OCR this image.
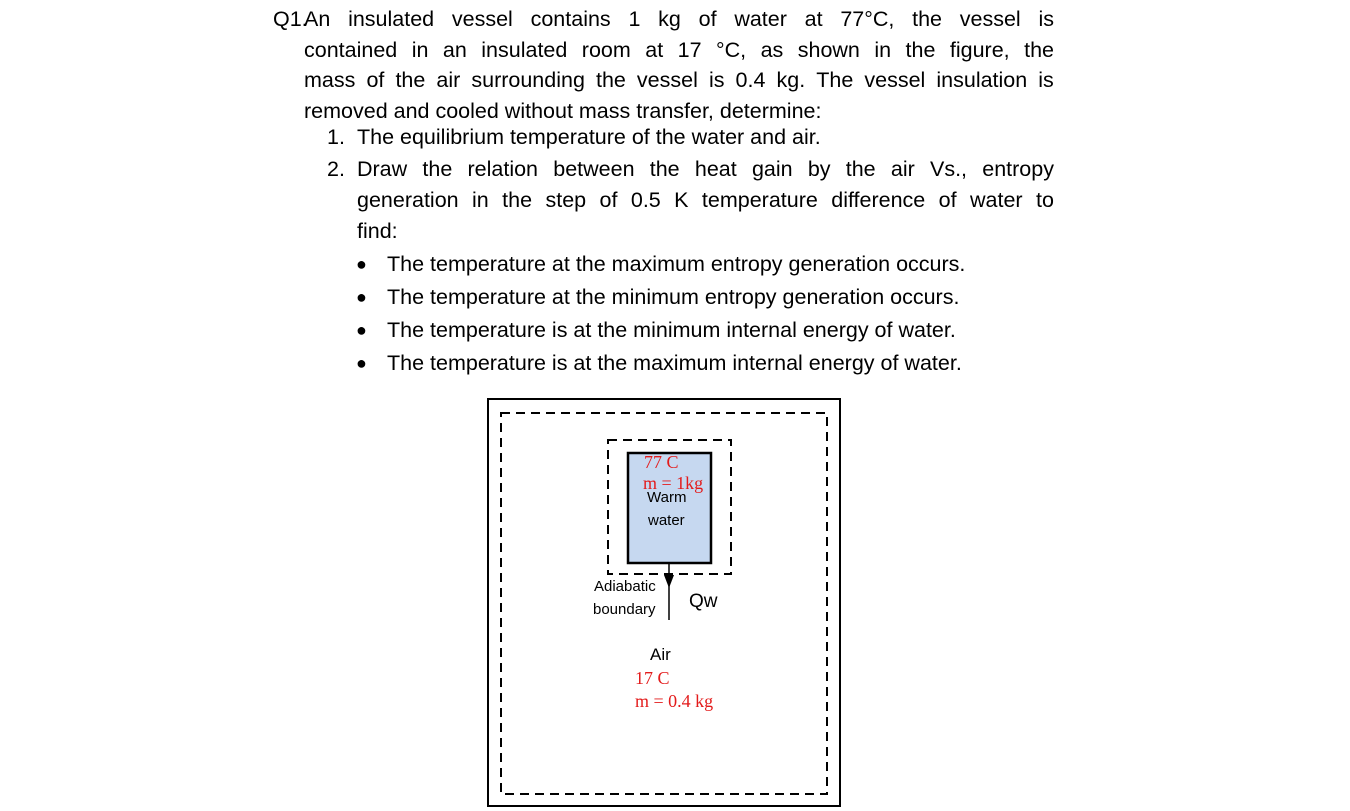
Q1.
An insulated vessel contains 1 kg of water at 77°C, the vessel is
contained in an insulated room at 17 °C, as shown in the figure, the
mass of the air surrounding the vessel is 0.4 kg. The vessel insulation is
removed and cooled without mass transfer, determine:
1. The equilibrium temperature of the water and air.
2. Draw the relation between the heat gain by the air Vs., entropy
generation in the step of 0.5 K temperature difference of water to
find:
● The temperature at the maximum entropy generation occurs.
● The temperature at the minimum entropy generation occurs.
● The temperature is at the minimum internal energy of water.
● The temperature is at the maximum internal energy of water.
77 C
m = 1kg
Warm
water
Adiabatic
boundary Qw
Air
17 C
m = 0.4 kg
